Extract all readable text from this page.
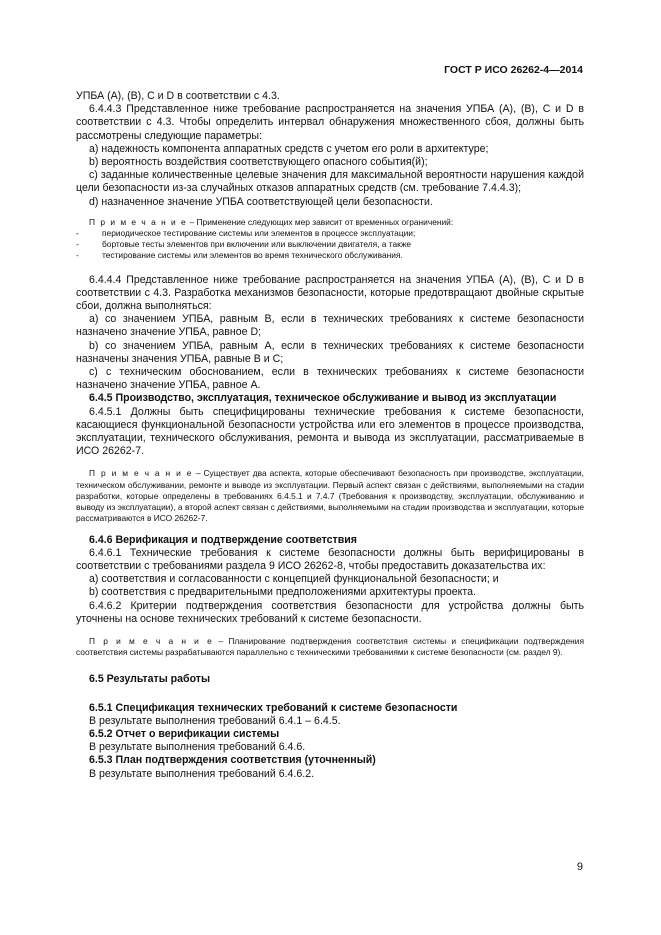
ГОСТ Р ИСО 26262-4—2014

УПБА (A), (B), C и D в соответствии с 4.3.

6.4.4.3 Представленное ниже требование распространяется на значения УПБА (A), (B), C и D в соответствии с 4.3. Чтобы определить интервал обнаружения множественного сбоя, должны быть рассмотрены следующие параметры:

а) надежность компонента аппаратных средств с учетом его роли в архитектуре;

b) вероятность воздействия соответствующего опасного события(й);

c) заданные количественные целевые значения для максимальной вероятности нарушения каждой цели безопасности из-за случайных отказов аппаратных средств (см. требование 7.4.4.3);

d) назначенное значение УПБА соответствующей цели безопасности.

П р и м е ч а н и е – Применение следующих мер зависит от временных ограничений:
- периодическое тестирование системы или элементов в процессе эксплуатации;
- бортовые тесты элементов при включении или выключении двигателя, а также
- тестирование системы или элементов во время технического обслуживания.

6.4.4.4 Представленное ниже требование распространяется на значения УПБА (A), (B), C и D в соответствии с 4.3. Разработка механизмов безопасности, которые предотвращают двойные скрытые сбои, должна выполняться:

а) со значением УПБА, равным B, если в технических требованиях к системе безопасности назначено значение УПБА, равное D;

b) со значением УПБА, равным A, если в технических требованиях к системе безопасности назначены значения УПБА, равные B и C;

c) с техническим обоснованием, если в технических требованиях к системе безопасности назначено значение УПБА, равное A.

6.4.5 Производство, эксплуатация, техническое обслуживание и вывод из эксплуатации

6.4.5.1 Должны быть специфицированы технические требования к системе безопасности, касающиеся функциональной безопасности устройства или его элементов в процессе производства, эксплуатации, технического обслуживания, ремонта и вывода из эксплуатации, рассматриваемые в ИСО 26262-7.

П р и м е ч а н и е – Существует два аспекта, которые обеспечивают безопасность при производстве, эксплуатации, техническом обслуживании, ремонте и выводе из эксплуатации. Первый аспект связан с действиями, выполняемыми на стадии разработки, которые определены в требованиях 6.4.5.1 и 7.4.7 (Требования к производству, эксплуатации, обслуживанию и выводу из эксплуатации), а второй аспект связан с действиями, выполняемыми на стадии производства и эксплуатации, которые рассматриваются в ИСО 26262-7.

6.4.6 Верификация и подтверждение соответствия

6.4.6.1 Технические требования к системе безопасности должны быть верифицированы в соответствии с требованиями раздела 9 ИСО 26262-8, чтобы предоставить доказательства их:

а) соответствия и согласованности с концепцией функциональной безопасности; и

b) соответствия с предварительными предположениями архитектуры проекта.

6.4.6.2 Критерии подтверждения соответствия безопасности для устройства должны быть уточнены на основе технических требований к системе безопасности.

П р и м е ч а н и е – Планирование подтверждения соответствия системы и спецификации подтверждения соответствия системы разрабатываются параллельно с техническими требованиями к системе безопасности (см. раздел 9).

6.5 Результаты работы

6.5.1 Спецификация технических требований к системе безопасности

В результате выполнения требований 6.4.1 – 6.4.5.

6.5.2 Отчет о верификации системы

В результате выполнения требований 6.4.6.

6.5.3 План подтверждения соответствия (уточненный)

В результате выполнения требований 6.4.6.2.

9
